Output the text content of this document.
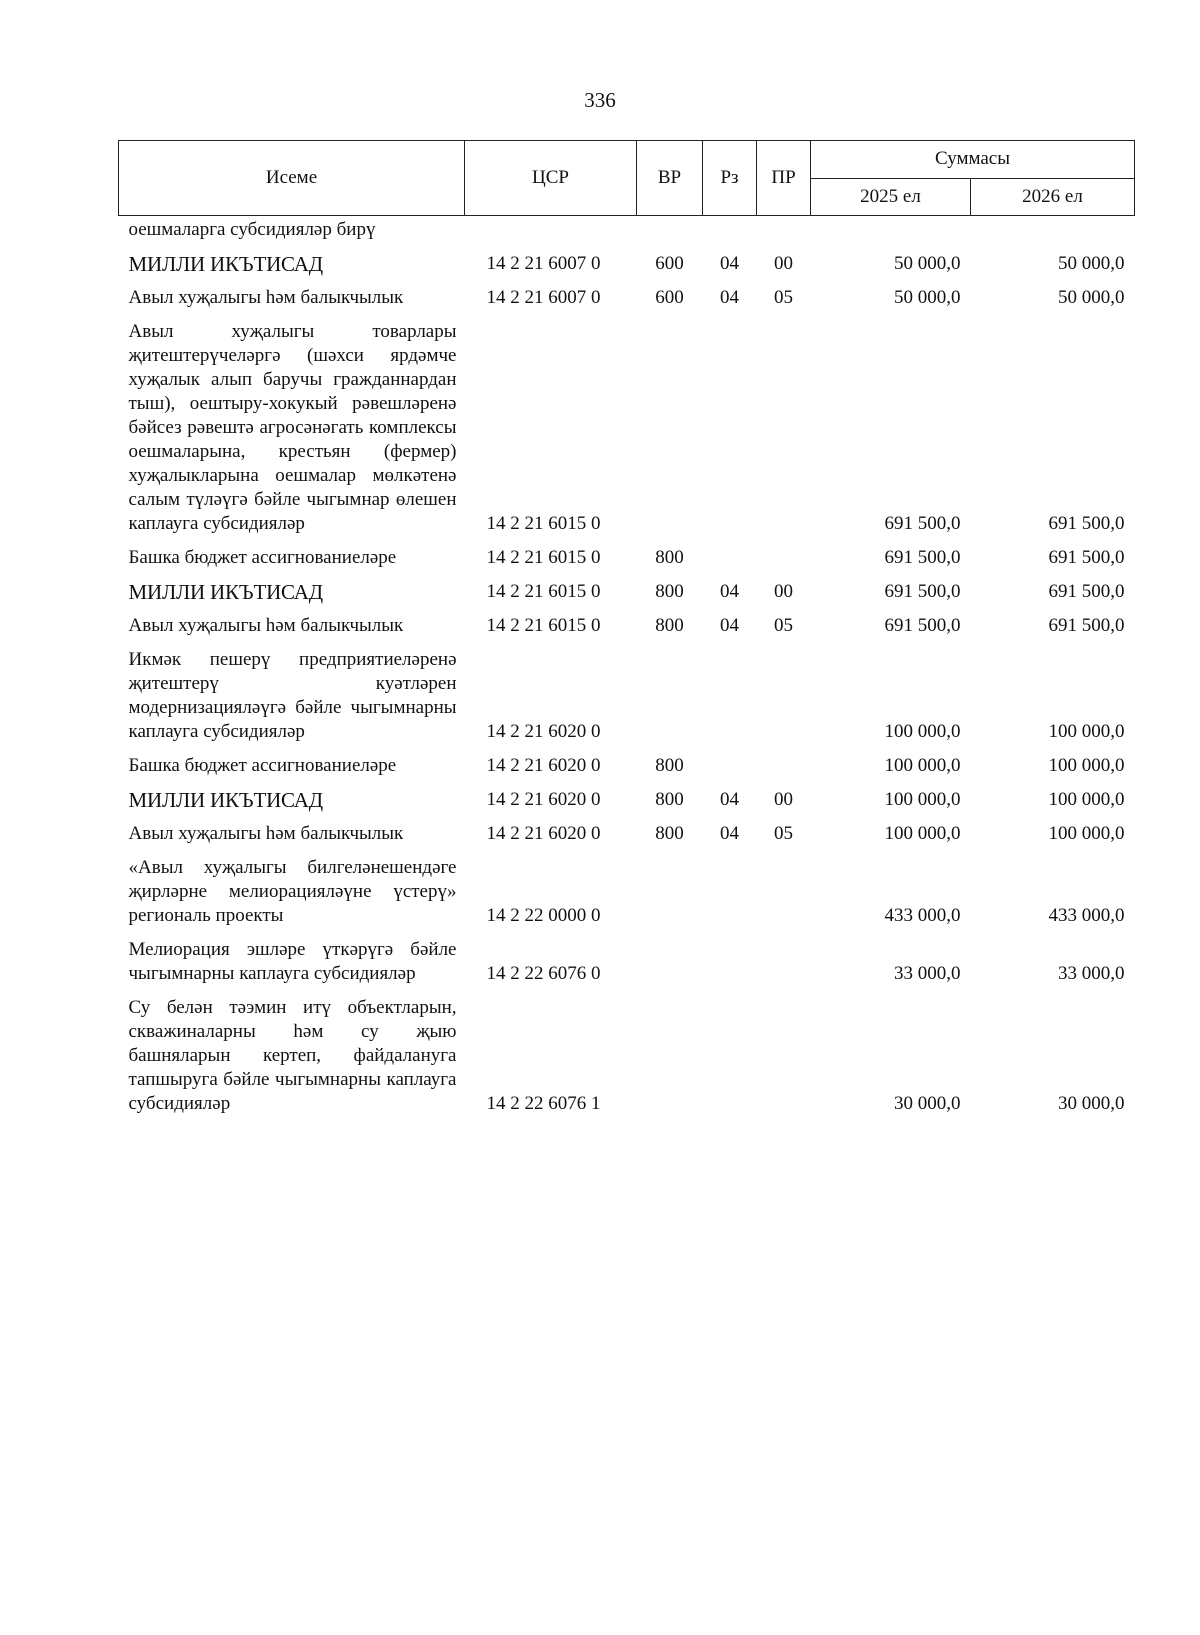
336
Исеме	ЦСР	ВР	Рз	ПР	Суммасы	
					2025 ел	2026 ел
оешмаларга субсидияләр бирү						
МИЛЛИ ИКЪТИСАД	14 2 21 6007 0	600	04	00	50 000,0	50 000,0
Авыл хуҗалыгы һәм балыкчылык	14 2 21 6007 0	600	04	05	50 000,0	50 000,0
Авыл хуҗалыгы товарлары җитештерүчеләргә (шәхси ярдәмче хуҗалык алып баручы гражданнардан тыш), оештыру-хокукый рәвешләренә бәйсез рәвештә агросәнәгать комплексы оешмаларына, крестьян (фермер) хуҗалыкларына оешмалар мөлкәтенә салым түләүгә бәйле чыгымнар өлешен каплауга субсидияләр	14 2 21 6015 0				691 500,0	691 500,0
Башка бюджет ассигнованиеләре	14 2 21 6015 0	800			691 500,0	691 500,0
МИЛЛИ ИКЪТИСАД	14 2 21 6015 0	800	04	00	691 500,0	691 500,0
Авыл хуҗалыгы һәм балыкчылык	14 2 21 6015 0	800	04	05	691 500,0	691 500,0
Икмәк пешерү предприятиеләренә җитештерү куәтләрен модернизацияләүгә бәйле чыгымнарны каплауга субсидияләр	14 2 21 6020 0				100 000,0	100 000,0
Башка бюджет ассигнованиеләре	14 2 21 6020 0	800			100 000,0	100 000,0
МИЛЛИ ИКЪТИСАД	14 2 21 6020 0	800	04	00	100 000,0	100 000,0
Авыл хуҗалыгы һәм балыкчылык	14 2 21 6020 0	800	04	05	100 000,0	100 000,0
«Авыл хуҗалыгы билгеләнешендәге җирләрне мелиорацияләүне үстерү» региональ проекты	14 2 22 0000 0				433 000,0	433 000,0
Мелиорация эшләре үткәрүгә бәйле чыгымнарны каплауга субсидияләр	14 2 22 6076 0				33 000,0	33 000,0
Су белән тәэмин итү объектларын, скважиналарны һәм су җыю башняларын кертеп, файдалануга тапшыруга бәйле чыгымнарны каплауга субсидияләр	14 2 22 6076 1				30 000,0	30 000,0
